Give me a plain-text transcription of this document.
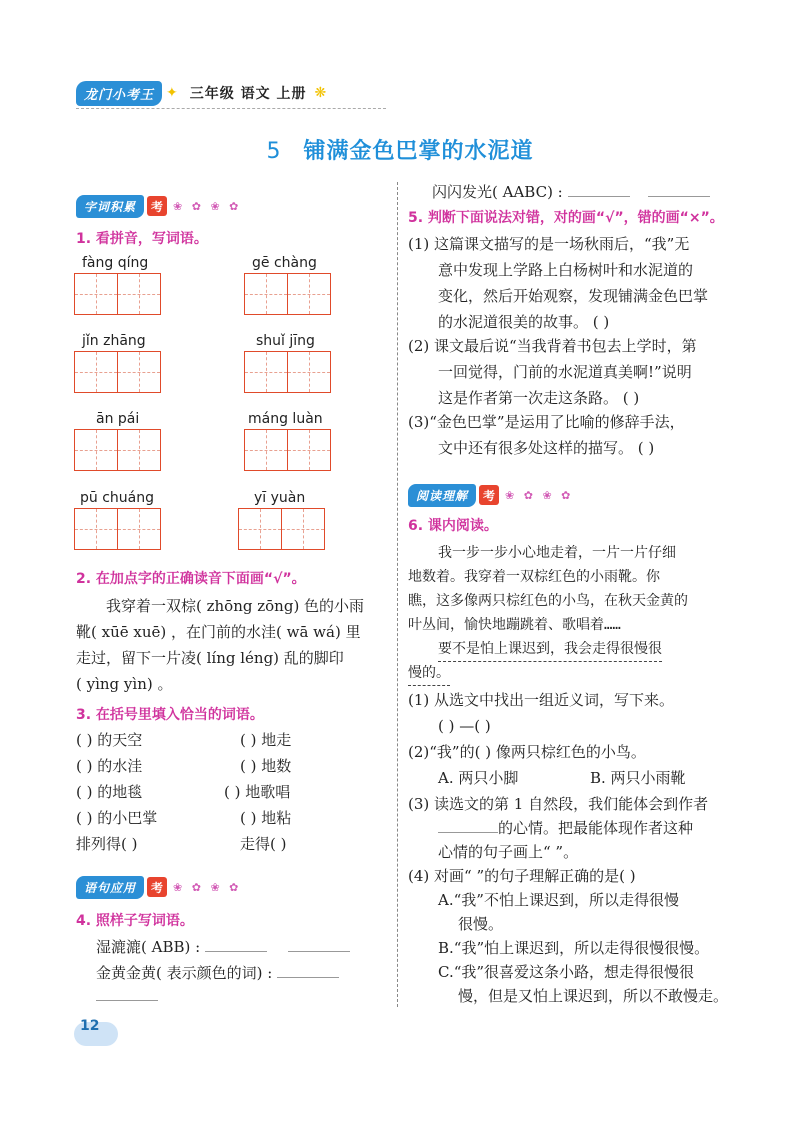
龙门小考王 ✦ 三年级 语文 上册 ❋
5 铺满金色巴掌的水泥道
字词积累	考 ❀ ✿ ❀ ✿
1. 看拼音，写词语。
fàng qíng	gē chàng
jǐn zhāng	shuǐ jīng
ān pái	máng luàn
pū chuáng	yī yuàn
2. 在加点字的正确读音下面画“√”。
我穿着一双棕( zhōng zōng) 色的小雨
靴( xūē xuē) ，在门前的水洼( wā wá) 里
走过，留下一片凌( líng léng) 乱的脚印
( yìng yìn) 。
3. 在括号里填入恰当的词语。
( ) 的天空	( ) 地走
( ) 的水洼	( ) 地数
( ) 的地毯	( ) 地歌唱
( ) 的小巴掌	( ) 地粘
排列得( )	走得( )
语句应用	考 ❀ ✿ ❀ ✿
4. 照样子写词语。
湿漉漉( ABB) :
金黄金黄( 表示颜色的词) :
12
闪闪发光( AABC) :
5. 判断下面说法对错，对的画“√”，错的画“×”。
(1) 这篇课文描写的是一场秋雨后，“我”无
意中发现上学路上白杨树叶和水泥道的
变化，然后开始观察，发现铺满金色巴掌
的水泥道很美的故事。 ( )
(2) 课文最后说“当我背着书包去上学时，第
一回觉得，门前的水泥道真美啊!”说明
这是作者第一次走这条路。 ( )
(3)“金色巴掌”是运用了比喻的修辞手法，
文中还有很多处这样的描写。 ( )
阅读理解	考 ❀ ✿ ❀ ✿
6. 课内阅读。
我一步一步小心地走着，一片一片仔细
地数着。我穿着一双棕红色的小雨靴。你
瞧，这多像两只棕红色的小鸟，在秋天金黄的
叶丛间，愉快地蹦跳着、歌唱着……
要不是怕上课迟到，我会走得很慢很
慢的。
(1) 从选文中找出一组近义词，写下来。
( ) —( )
(2)“我”的( ) 像两只棕红色的小鸟。
A. 两只小脚	B. 两只小雨靴
(3) 读选文的第 1 自然段，我们能体会到作者
的心情。把最能体现作者这种
心情的句子画上“ ”。
(4) 对画“ ”的句子理解正确的是( )
A.“我”不怕上课迟到，所以走得很慢
很慢。
B.“我”怕上课迟到，所以走得很慢很慢。
C.“我”很喜爱这条小路，想走得很慢很
慢，但是又怕上课迟到，所以不敢慢走。
